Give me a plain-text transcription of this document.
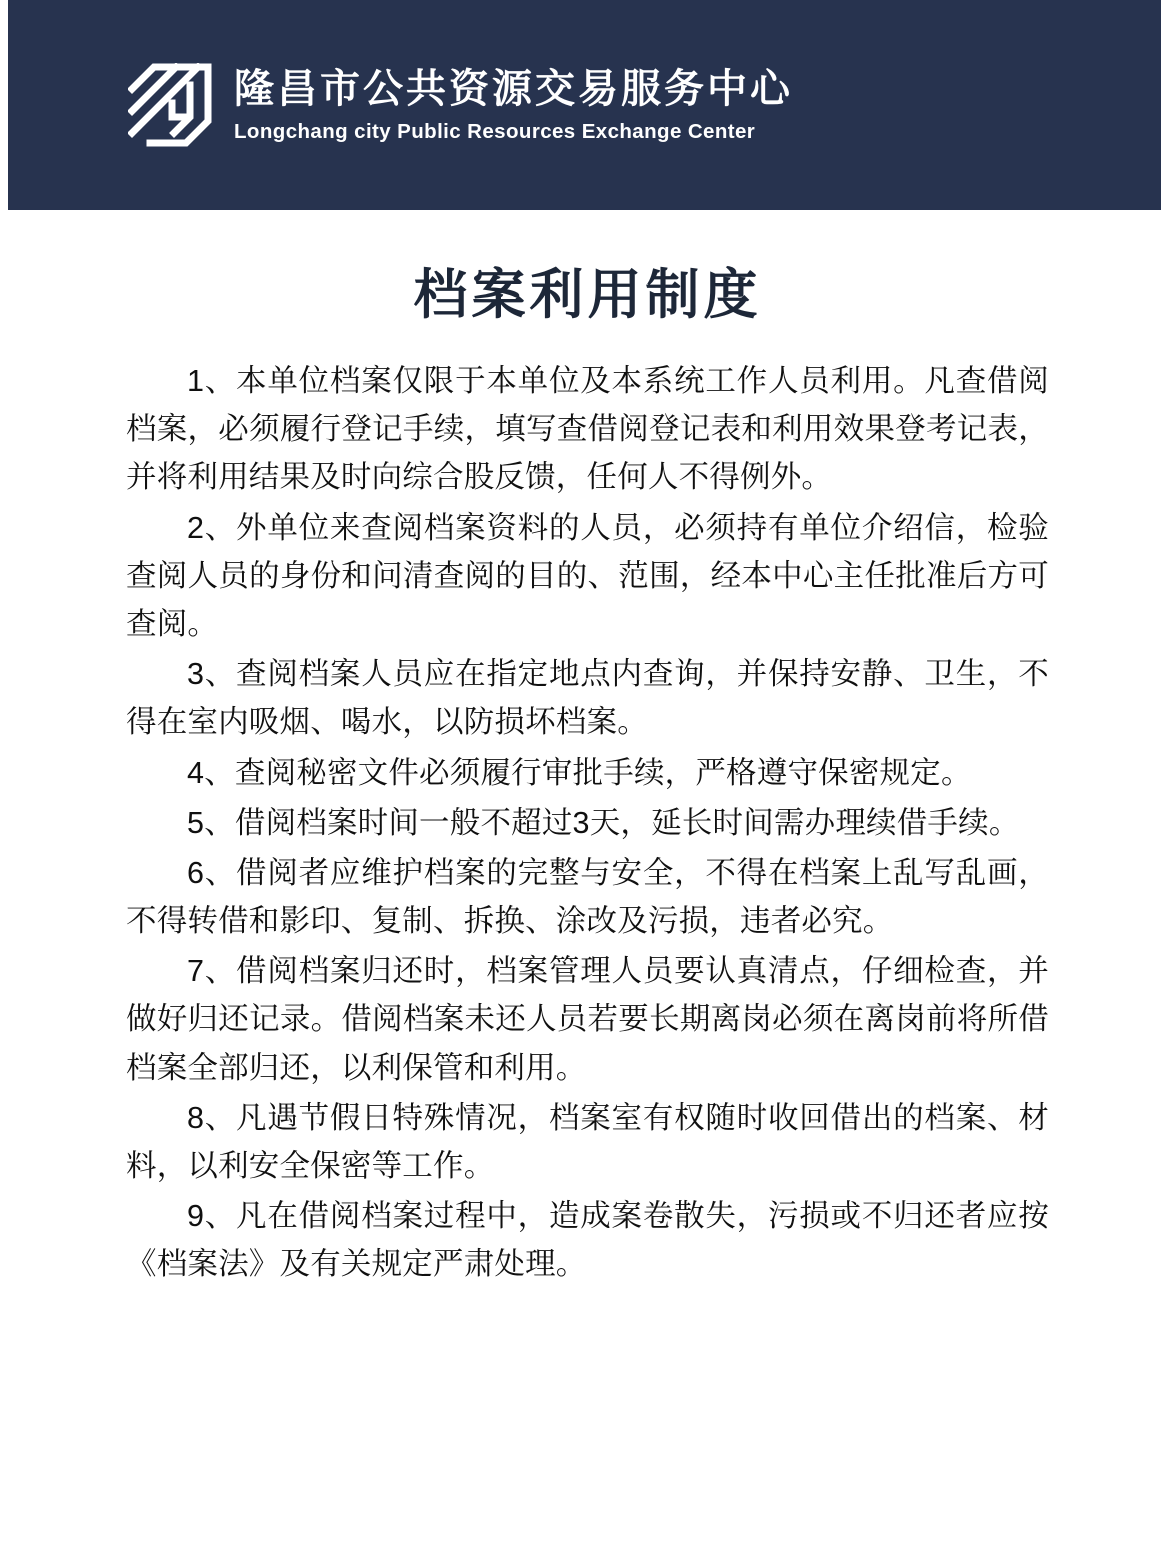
隆昌市公共资源交易服务中心
Longchang city Public Resources Exchange Center
档案利用制度

1、本单位档案仅限于本单位及本系统工作人员利用。凡查借阅档案，必须履行登记手续，填写查借阅登记表和利用效果登考记表，并将利用结果及时向综合股反馈，任何人不得例外。

2、外单位来查阅档案资料的人员，必须持有单位介绍信，检验查阅人员的身份和问清查阅的目的、范围，经本中心主任批准后方可查阅。

3、查阅档案人员应在指定地点内查询，并保持安静、卫生，不得在室内吸烟、喝水，以防损坏档案。

4、查阅秘密文件必须履行审批手续，严格遵守保密规定。

5、借阅档案时间一般不超过3天，延长时间需办理续借手续。

6、借阅者应维护档案的完整与安全，不得在档案上乱写乱画，不得转借和影印、复制、拆换、涂改及污损，违者必究。

7、借阅档案归还时，档案管理人员要认真清点，仔细检查，并做好归还记录。借阅档案未还人员若要长期离岗必须在离岗前将所借档案全部归还，以利保管和利用。

8、凡遇节假日特殊情况，档案室有权随时收回借出的档案、材料，以利安全保密等工作。

9、凡在借阅档案过程中，造成案卷散失，污损或不归还者应按《档案法》及有关规定严肃处理。
